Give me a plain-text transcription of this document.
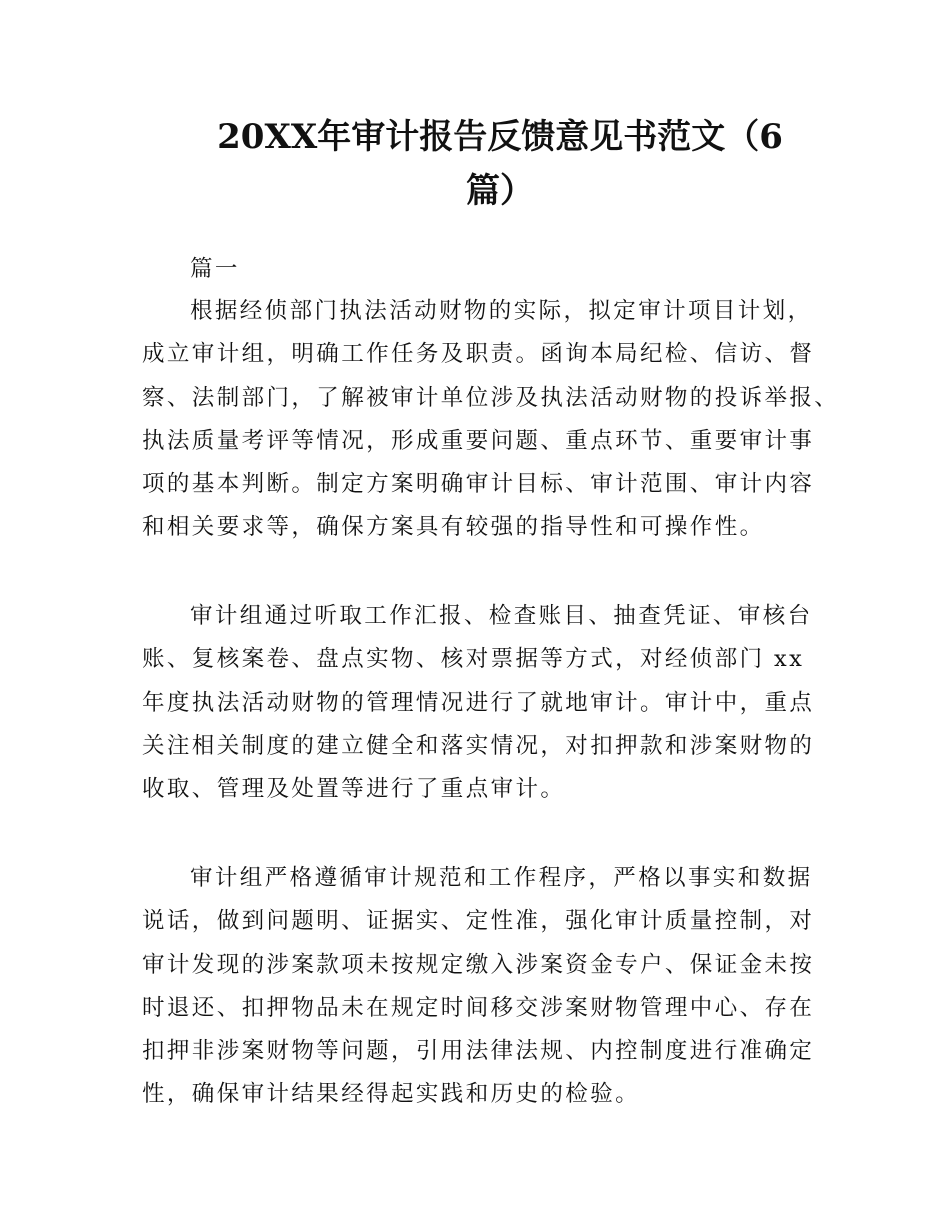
20XX年审计报告反馈意见书范文（6
篇）

篇一

根据经侦部门执法活动财物的实际，拟定审计项目计划，
成立审计组，明确工作任务及职责。函询本局纪检、信访、督
察、法制部门，了解被审计单位涉及执法活动财物的投诉举报、
执法质量考评等情况，形成重要问题、重点环节、重要审计事
项的基本判断。制定方案明确审计目标、审计范围、审计内容
和相关要求等，确保方案具有较强的指导性和可操作性。
审计组通过听取工作汇报、检查账目、抽查凭证、审核台
账、复核案卷、盘点实物、核对票据等方式，对经侦部门 xx
年度执法活动财物的管理情况进行了就地审计。审计中，重点
关注相关制度的建立健全和落实情况，对扣押款和涉案财物的
收取、管理及处置等进行了重点审计。
审计组严格遵循审计规范和工作程序，严格以事实和数据
说话，做到问题明、证据实、定性准，强化审计质量控制，对
审计发现的涉案款项未按规定缴入涉案资金专户、保证金未按
时退还、扣押物品未在规定时间移交涉案财物管理中心、存在
扣押非涉案财物等问题，引用法律法规、内控制度进行准确定
性，确保审计结果经得起实践和历史的检验。
